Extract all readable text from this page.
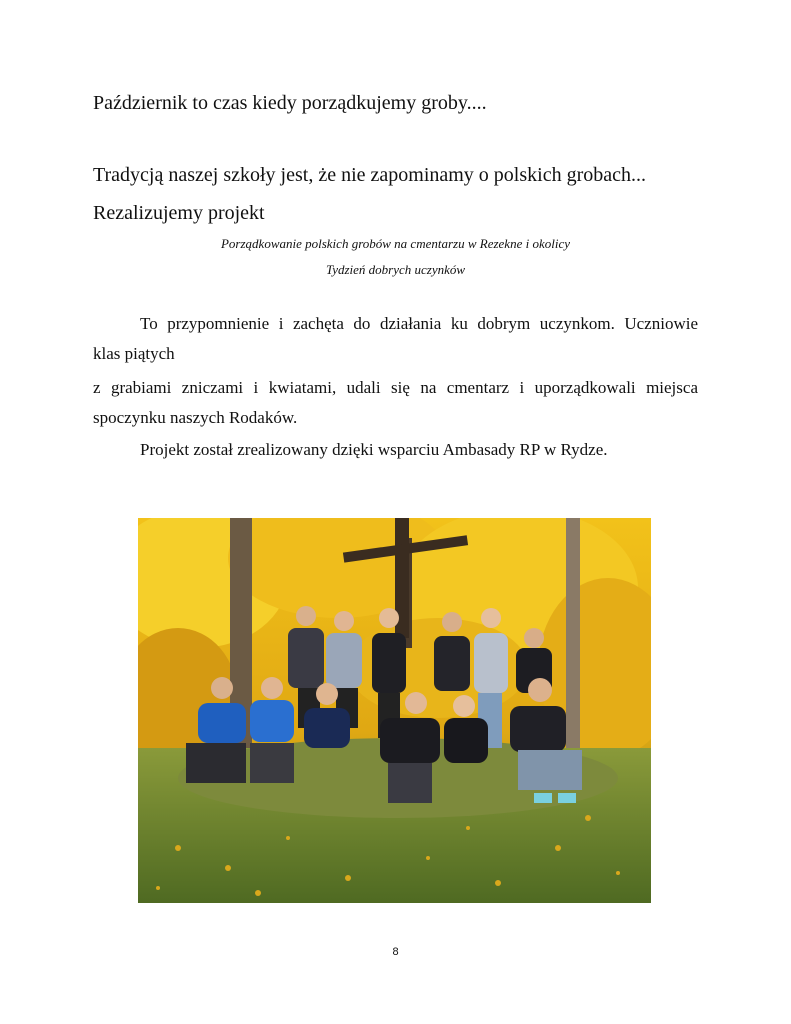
Październik to czas kiedy porządkujemy groby....
Tradycją naszej szkoły jest, że nie zapominamy o polskich grobach...
Rezalizujemy projekt
Porządkowanie polskich grobów na cmentarzu w Rezekne i okolicy
Tydzień dobrych uczynków
To przypomnienie i zachęta do działania ku dobrym uczynkom. Uczniowie
klas piątych
z grabiami zniczami i kwiatami, udali się na cmentarz i uporządkowali miejsca
spoczynku naszych Rodaków.
Projekt został zrealizowany dzięki wsparciu Ambasady RP w Rydze.
8
